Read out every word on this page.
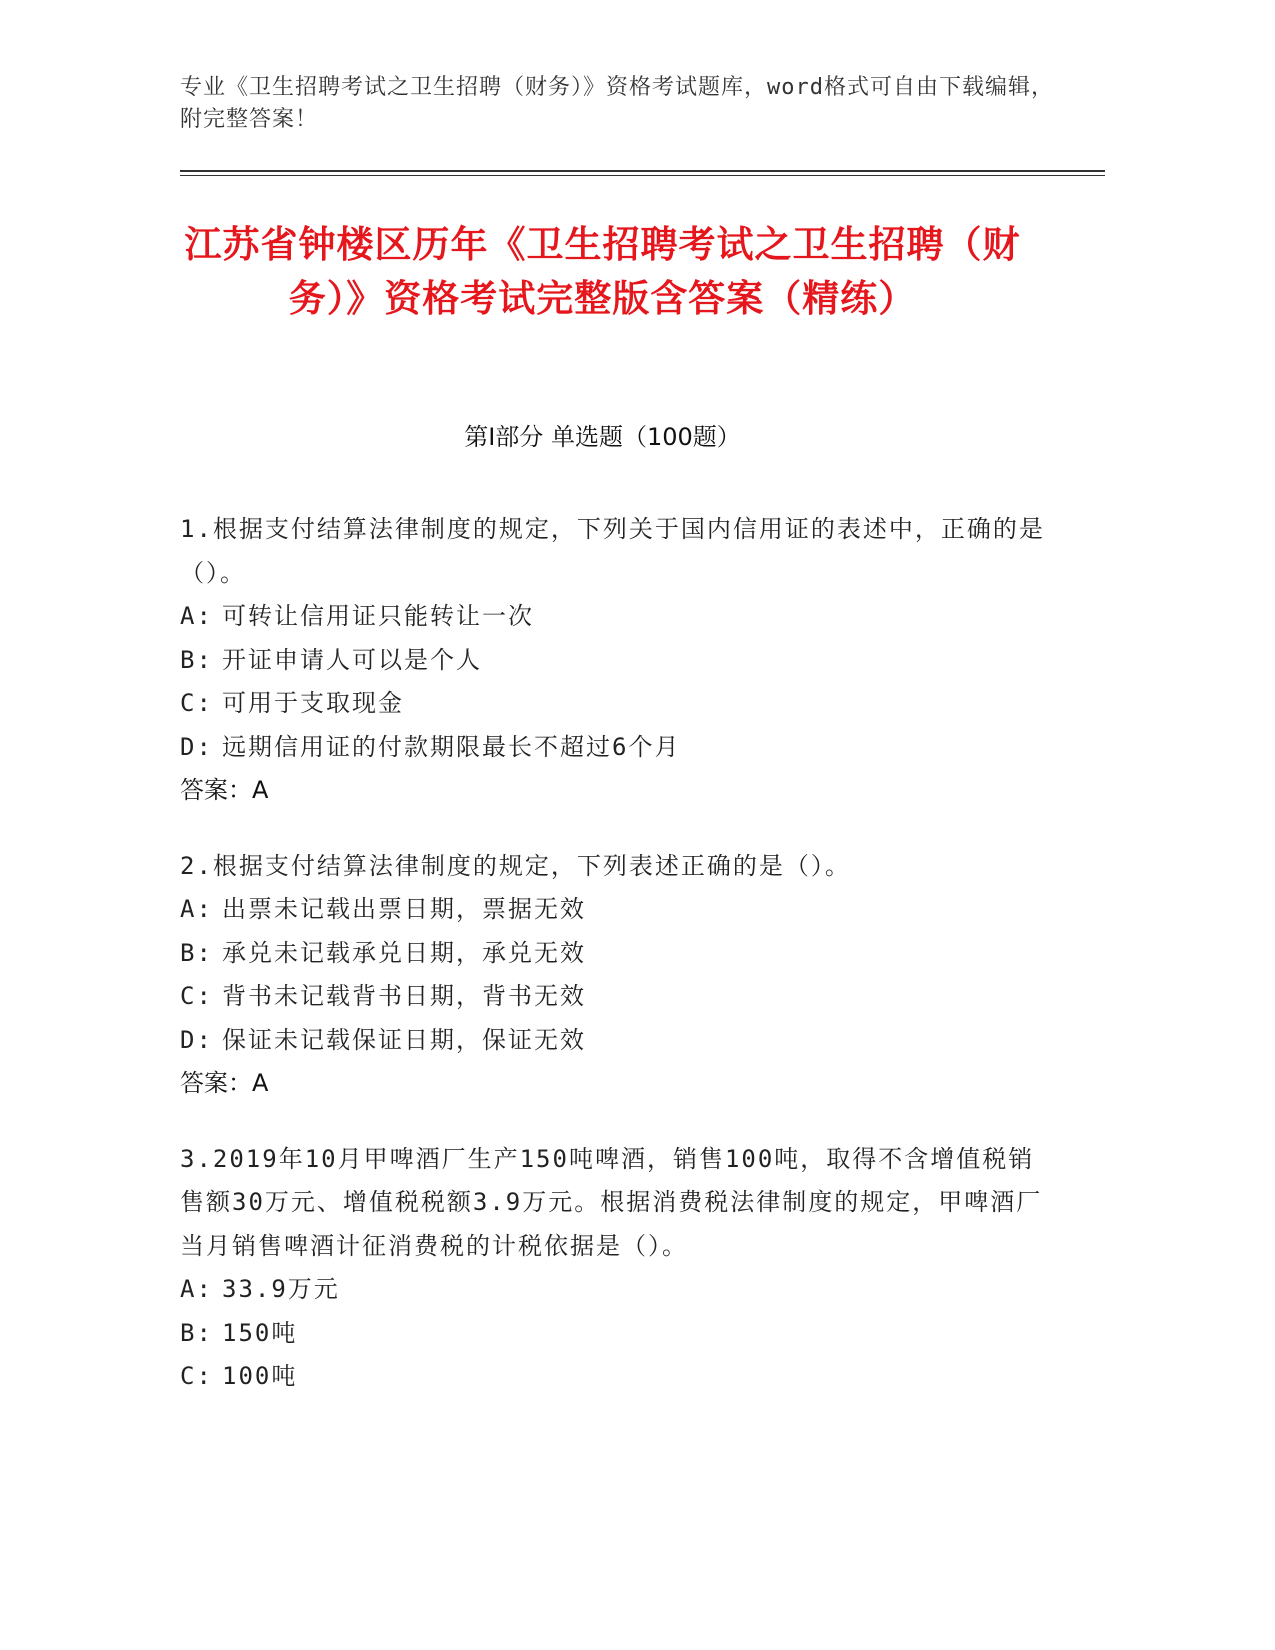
专业《卫生招聘考试之卫生招聘（财务）》资格考试题库，word格式可自由下载编辑，附完整答案！
江苏省钟楼区历年《卫生招聘考试之卫生招聘（财务）》资格考试完整版含答案（精练）
第Ⅰ部分 单选题（100题）
1.根据支付结算法律制度的规定，下列关于国内信用证的表述中，正确的是（）。
A: 可转让信用证只能转让一次
B: 开证申请人可以是个人
C: 可用于支取现金
D: 远期信用证的付款期限最长不超过6个月
答案：A
2.根据支付结算法律制度的规定，下列表述正确的是（）。
A: 出票未记载出票日期，票据无效
B: 承兑未记载承兑日期，承兑无效
C: 背书未记载背书日期，背书无效
D: 保证未记载保证日期，保证无效
答案：A
3.2019年10月甲啤酒厂生产150吨啤酒，销售100吨，取得不含增值税销售额30万元、增值税税额3.9万元。根据消费税法律制度的规定，甲啤酒厂当月销售啤酒计征消费税的计税依据是（）。
A: 33.9万元
B: 150吨
C: 100吨
